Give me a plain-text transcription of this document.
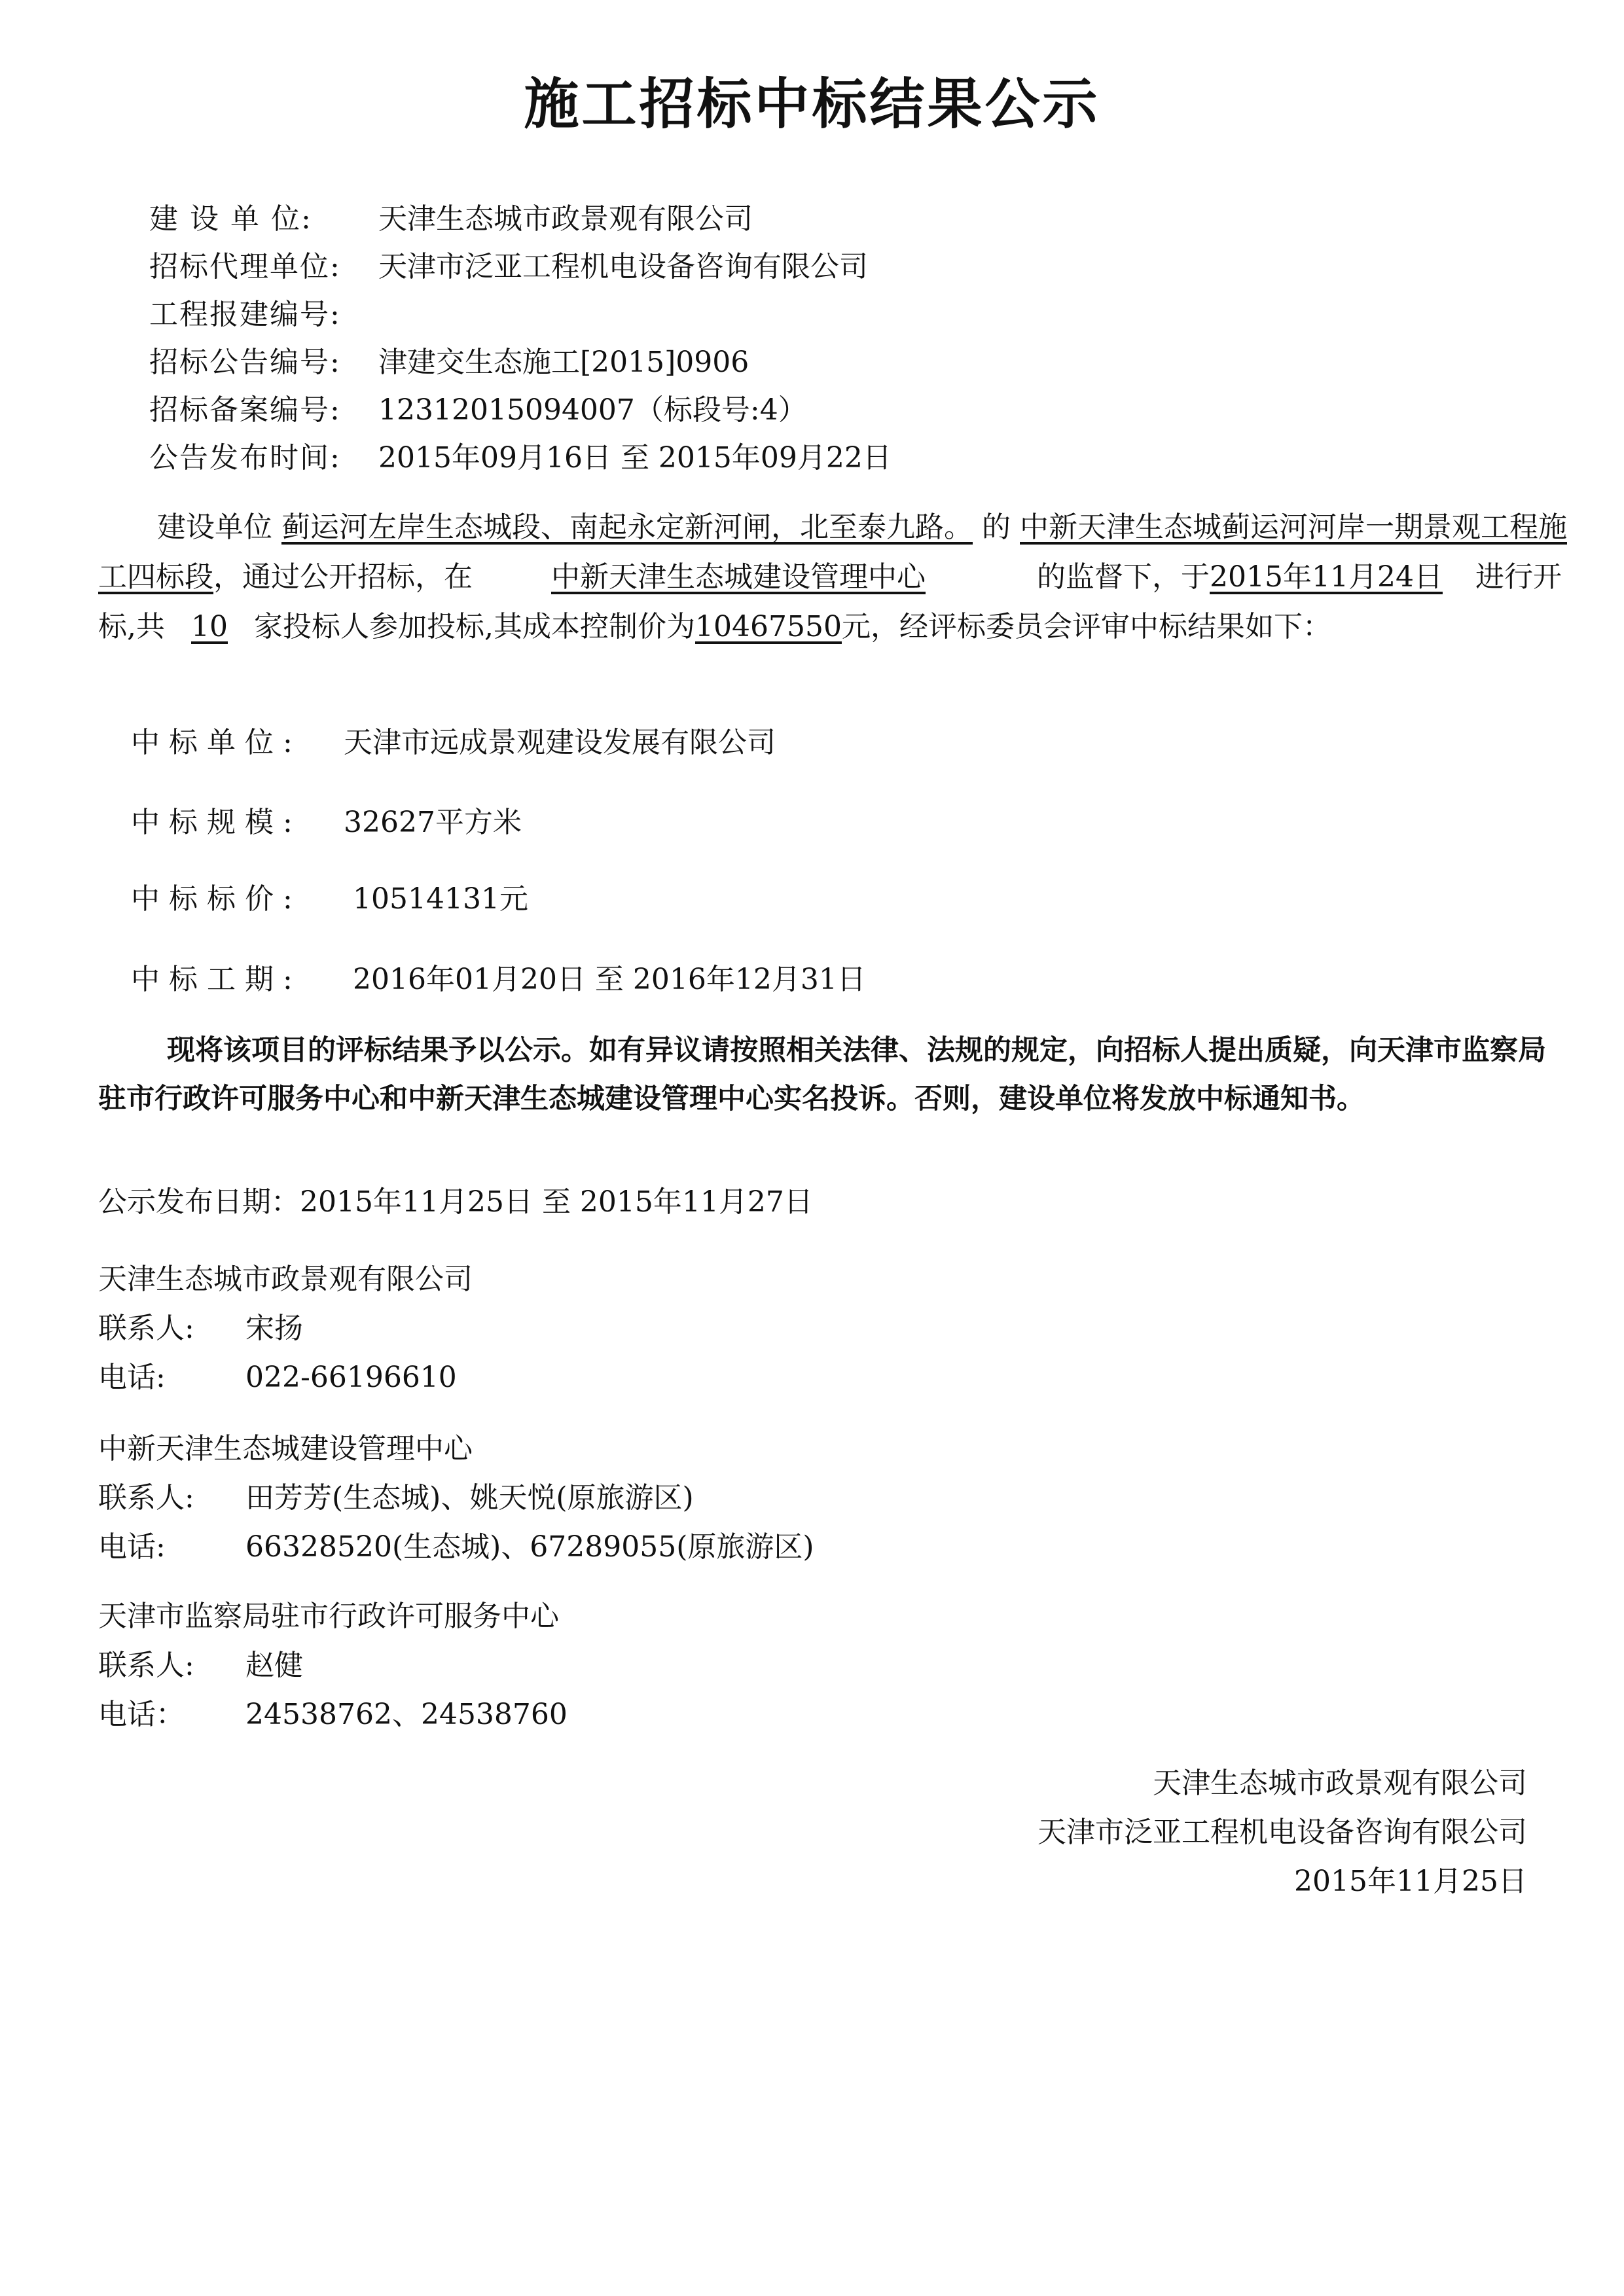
施工招标中标结果公示
建 设 单 位: 天津生态城市政景观有限公司
招标代理单位: 天津市泛亚工程机电设备咨询有限公司
工程报建编号:
招标公告编号: 津建交生态施工[2015]0906
招标备案编号: 12312015094007（标段号:4）
公告发布时间: 2015年09月16日 至 2015年09月22日
建设单位 蓟运河左岸生态城段、南起永定新河闸，北至泰九路。 的 中新天津生态城蓟运河河岸一期景观工程施工四标段，通过公开招标，在	中新天津生态城建设管理中心	的监督下，于2015年11月24日 进行开标,共 10 家投标人参加投标,其成本控制价为10467550元，经评标委员会评审中标结果如下：
中标单位: 天津市远成景观建设发展有限公司
中标规模: 32627平方米
中标标价: 10514131元
中标工期: 2016年01月20日 至 2016年12月31日
现将该项目的评标结果予以公示。如有异议请按照相关法律、法规的规定，向招标人提出质疑，向天津市监察局驻市行政许可服务中心和中新天津生态城建设管理中心实名投诉。否则，建设单位将发放中标通知书。
公示发布日期：2015年11月25日 至 2015年11月27日
天津生态城市政景观有限公司
联系人: 宋扬
电话:	022-66196610
中新天津生态城建设管理中心
联系人: 田芳芳(生态城)、姚天悦(原旅游区)
电话:	66328520(生态城)、67289055(原旅游区)
天津市监察局驻市行政许可服务中心
联系人: 赵健
电话： 24538762、24538760
天津生态城市政景观有限公司
天津市泛亚工程机电设备咨询有限公司
2015年11月25日
